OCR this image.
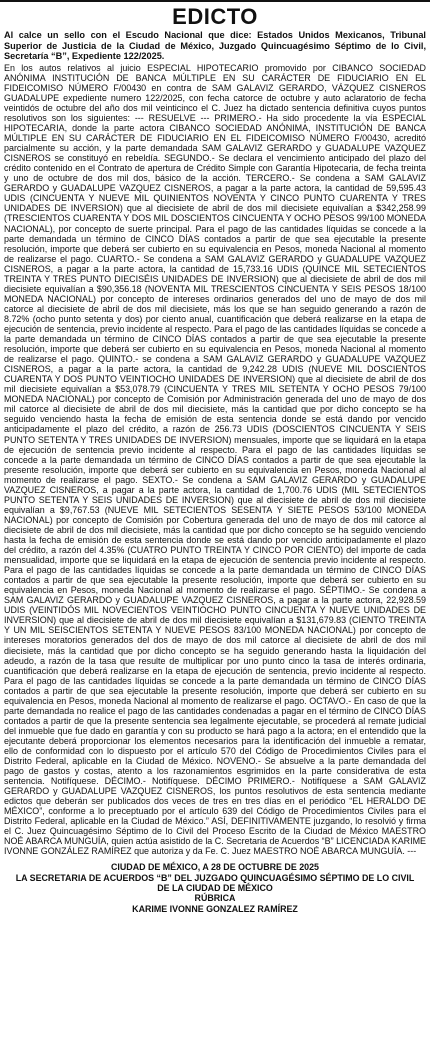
EDICTO

Al calce un sello con el Escudo Nacional que dice: Estados Unidos Mexicanos, Tribunal Superior de Justicia de la Ciudad de México, Juzgado Quincuagésimo Séptimo de lo Civil, Secretaría “B”, Expediente 122/2025.

En los autos relativos al juicio ESPECIAL HIPOTECARIO promovido por CIBANCO SOCIEDAD ANÓNIMA INSTITUCIÓN DE BANCA MÚLTIPLE EN SU CARÁCTER DE FIDUCIARIO EN EL FIDEICOMISO NÚMERO F/00430 en contra de SAM GALAVIZ GERARDO, VÁZQUEZ CISNEROS GUADALUPE expediente numero 122/2025, con fecha catorce de octubre y auto aclaratorio de fecha veintidós de octubre del año dos mil veinticinco el C. Juez ha dictado sentencia definitiva cuyos puntos resolutivos son los siguientes: --- RESUELVE --- PRIMERO.- Ha sido procedente la vía ESPECIAL HIPOTECARIA, donde la parte actora CIBANCO SOCIEDAD ANÓNIMA, INSTITUCIÓN DE BANCA MÚLTIPLE EN SU CARÁCTER DE FIDUCIARIO EN EL FIDEICOMISO NÚMERO F/00430, acreditó parcialmente su acción, y la parte demandada SAM GALAVIZ GERARDO y GUADALUPE VAZQUEZ CISNEROS se constituyó en rebeldía. SEGUNDO.- Se declara el vencimiento anticipado del plazo del crédito contenido en el Contrato de apertura de Crédito Simple con Garantía Hipotecaria, de fecha treinta y uno de octubre de dos mil dos, básico de la acción. TERCERO.- Se condena a SAM GALAVIZ GERARDO y GUADALUPE VAZQUEZ CISNEROS, a pagar a la parte actora, la cantidad de 59,595.43 UDIS (CINCUENTA Y NUEVE MIL QUINIENTOS NOVENTA Y CINCO PUNTO CUARENTA Y TRES UNIDADES DE INVERSION) que al diecisiete de abril de dos mil diecisiete equivalían a $342,258.99 (TRESCIENTOS CUARENTA Y DOS MIL DOSCIENTOS CINCUENTA Y OCHO PESOS 99/100 MONEDA NACIONAL), por concepto de suerte principal. Para el pago de las cantidades líquidas se concede a la parte demandada un término de CINCO DÍAS contados a partir de que sea ejecutable la presente resolución, importe que deberá ser cubierto en su equivalencia en Pesos, moneda Nacional al momento de realizarse el pago. CUARTO.- Se condena a SAM GALAVIZ GERARDO y GUADALUPE VAZQUEZ CISNEROS, a pagar a la parte actora, la cantidad de 15,733.16 UDIS (QUINCE MIL SETECIENTOS TREINTA Y TRES PUNTO DIECISÉIS UNIDADES DE INVERSION) que al diecisiete de abril de dos mil diecisiete equivalían a $90,356.18 (NOVENTA MIL TRESCIENTOS CINCUENTA Y SEIS PESOS 18/100 MONEDA NACIONAL) por concepto de intereses ordinarios generados del uno de mayo de dos mil catorce al diecisiete de abril de dos mil diecisiete, más los que se han seguido generando a razón de 8.72% (ocho punto setenta y dos) por ciento anual, cuantificación que deberá realizarse en la etapa de ejecución de sentencia, previo incidente al respecto. Para el pago de las cantidades líquidas se concede a la parte demandada un término de CINCO DÍAS contados a partir de que sea ejecutable la presente resolución, importe que deberá ser cubierto en su equivalencia en Pesos, moneda Nacional al momento de realizarse el pago. QUINTO.- se condena a SAM GALAVIZ GERARDO y GUADALUPE VAZQUEZ CISNEROS, a pagar a la parte actora, la cantidad de 9,242.28 UDIS (NUEVE MIL DOSCIENTOS CUARENTA Y DOS PUNTO VEINTIOCHO UNIDADES DE INVERSION) que al diecisiete de abril de dos mil diecisiete equivalían a $53,078.79 (CINCUENTA Y TRES MIL SETENTA Y OCHO PESOS 79/100 MONEDA NACIONAL) por concepto de Comisión por Administración generada del uno de mayo de dos mil catorce al diecisiete de abril de dos mil diecisiete, más la cantidad que por dicho concepto se ha seguido venciendo hasta la fecha de emisión de esta sentencia donde se está dando por vencido anticipadamente el plazo del crédito, a razón de 256.73 UDIS (DOSCIENTOS CINCUENTA Y SEIS PUNTO SETENTA Y TRES UNIDADES DE INVERSION) mensuales, importe que se liquidará en la etapa de ejecución de sentencia previo incidente al respecto. Para el pago de las cantidades líquidas se concede a la parte demandada un término de CINCO DÍAS contados a partir de que sea ejecutable la presente resolución, importe que deberá ser cubierto en su equivalencia en Pesos, moneda Nacional al momento de realizarse el pago. SEXTO.- Se condena a SAM GALAVIZ GERARDO y GUADALUPE VAZQUEZ CISNEROS, a pagar a la parte actora, la cantidad de 1,700.76 UDIS (MIL SETECIENTOS PUNTO SETENTA Y SEIS UNIDADES DE INVERSION) que al diecisiete de abril de dos mil diecisiete equivalían a $9,767.53 (NUEVE MIL SETECIENTOS SESENTA Y SIETE PESOS 53/100 MONEDA NACIONAL) por concepto de Comisión por Cobertura generada del uno de mayo de dos mil catorce al diecisiete de abril de dos mil diecisiete, más la cantidad que por dicho concepto se ha seguido venciendo hasta la fecha de emisión de esta sentencia donde se está dando por vencido anticipadamente el plazo del crédito, a razón del 4.35% (CUATRO PUNTO TREINTA Y CINCO POR CIENTO) del importe de cada mensualidad, importe que se liquidará en la etapa de ejecución de sentencia previo incidente al respecto. Para el pago de las cantidades líquidas se concede a la parte demandada un término de CINCO DÍAS contados a partir de que sea ejecutable la presente resolución, importe que deberá ser cubierto en su equivalencia en Pesos, moneda Nacional al momento de realizarse el pago. SÉPTIMO.- Se condena a SAM GALAVIZ GERARDO y GUADALUPE VAZQUEZ CISNEROS, a pagar a la parte actora, 22,928.59 UDIS (VEINTIDÓS MIL NOVECIENTOS VEINTIOCHO PUNTO CINCUENTA Y NUEVE UNIDADES DE INVERSION) que al diecisiete de abril de dos mil diecisiete equivalían a $131,679.83 (CIENTO TREINTA Y UN MIL SEISCIENTOS SETENTA Y NUEVE PESOS 83/100 MONEDA NACIONAL) por concepto de intereses moratorios generados del dos de mayo de dos mil catorce al diecisiete de abril de dos mil diecisiete, más la cantidad que por dicho concepto se ha seguido generando hasta la liquidación del adeudo, a razón de la tasa que resulte de multiplicar por uno punto cinco la tasa de interés ordinaria, cuantificación que deberá realizarse en la etapa de ejecución de sentencia, previo incidente al respecto. Para el pago de las cantidades líquidas se concede a la parte demandada un término de CINCO DÍAS contados a partir de que sea ejecutable la presente resolución, importe que deberá ser cubierto en su equivalencia en Pesos, moneda Nacional al momento de realizarse el pago. OCTAVO.- En caso de que la parte demandada no realice el pago de las cantidades condenadas a pagar en el término de CINCO DÍAS contados a partir de que la presente sentencia sea legalmente ejecutable, se procederá al remate judicial del inmueble que fue dado en garantía y con su producto se hará pago a la actora; en el entendido que la ejecutante deberá proporcionar los elementos necesarios para la identificación del inmueble a rematar, ello de conformidad con lo dispuesto por el artículo 570 del Código de Procedimientos Civiles para el Distrito Federal, aplicable en la Ciudad de México. NOVENO.- Se absuelve a la parte demandada del pago de gastos y costas, atento a los razonamientos esgrimidos en la parte considerativa de esta sentencia. Notifíquese. DÉCIMO.- Notifíquese. DÉCIMO PRIMERO.- Notifíquese a SAM GALAVIZ GERARDO y GUADALUPE VAZQUEZ CISNEROS, los puntos resolutivos de esta sentencia mediante edictos que deberán ser publicados dos veces de tres en tres días en el periódico “EL HERALDO DE MÉXICO”, conforme a lo preceptuado por el artículo 639 del Código de Procedimientos Civiles para el Distrito Federal, aplicable en la Ciudad de México.” ASÍ, DEFINITIVAMENTE juzgando, lo resolvió y firma el C. Juez Quincuagésimo Séptimo de lo Civil del Proceso Escrito de la Ciudad de México MAESTRO NOÉ ABARCA MUNGUÍA, quien actúa asistido de la C. Secretaria de Acuerdos “B” LICENCIADA KARIME IVONNE GONZÁLEZ RAMÍREZ que autoriza y da Fe. C. Juez MAESTRO NOÉ ABARCA MUNGUÍA. ---

CIUDAD DE MÉXICO, A 28 DE OCTUBRE DE 2025
LA SECRETARIA DE ACUERDOS “B” DEL JUZGADO QUINCUAGÉSIMO SÉPTIMO DE LO CIVIL
DE LA CIUDAD DE MÉXICO
RÚBRICA
KARIME IVONNE GONZALEZ RAMÍREZ
